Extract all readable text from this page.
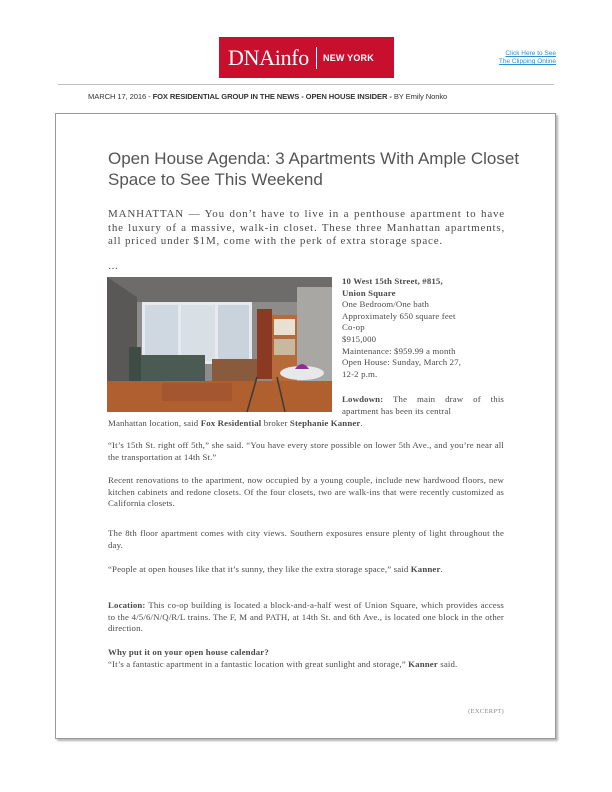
DNAinfo NEW YORK	Click Here to See
The Clipping Online
MARCH 17, 2016 - FOX RESIDENTIAL GROUP IN THE NEWS - OPEN HOUSE INSIDER - BY Emily Nonko
Open House Agenda: 3 Apartments With Ample Closet Space to See This Weekend
MANHATTAN — You don’t have to live in a penthouse apartment to have the luxury of a massive, walk-in closet. These three Manhattan apartments, all priced under $1M, come with the perk of extra storage space.
…
10 West 15th Street, #815,
Union Square
One Bedroom/One bath
Approximately 650 square feet
Co-op
$915,000
Maintenance: $959.99 a month
Open House: Sunday, March 27,
12-2 p.m.
Lowdown: The main draw of this apartment has been its central
Manhattan location, said Fox Residential broker Stephanie Kanner.
“It’s 15th St. right off 5th,” she said. “You have every store possible on lower 5th Ave., and you’re near all the transportation at 14th St.”
Recent renovations to the apartment, now occupied by a young couple, include new hardwood floors, new kitchen cabinets and redone closets. Of the four closets, two are walk-ins that were recently customized as California closets.
The 8th floor apartment comes with city views. Southern exposures ensure plenty of light throughout the day.
“People at open houses like that it’s sunny, they like the extra storage space,” said Kanner.
Location: This co-op building is located a block-and-a-half west of Union Square, which provides access to the 4/5/6/N/Q/R/L trains. The F, M and PATH, at 14th St. and 6th Ave., is located one block in the other direction.
Why put it on your open house calendar?
“It’s a fantastic apartment in a fantastic location with great sunlight and storage,” Kanner said.
(EXCERPT)
